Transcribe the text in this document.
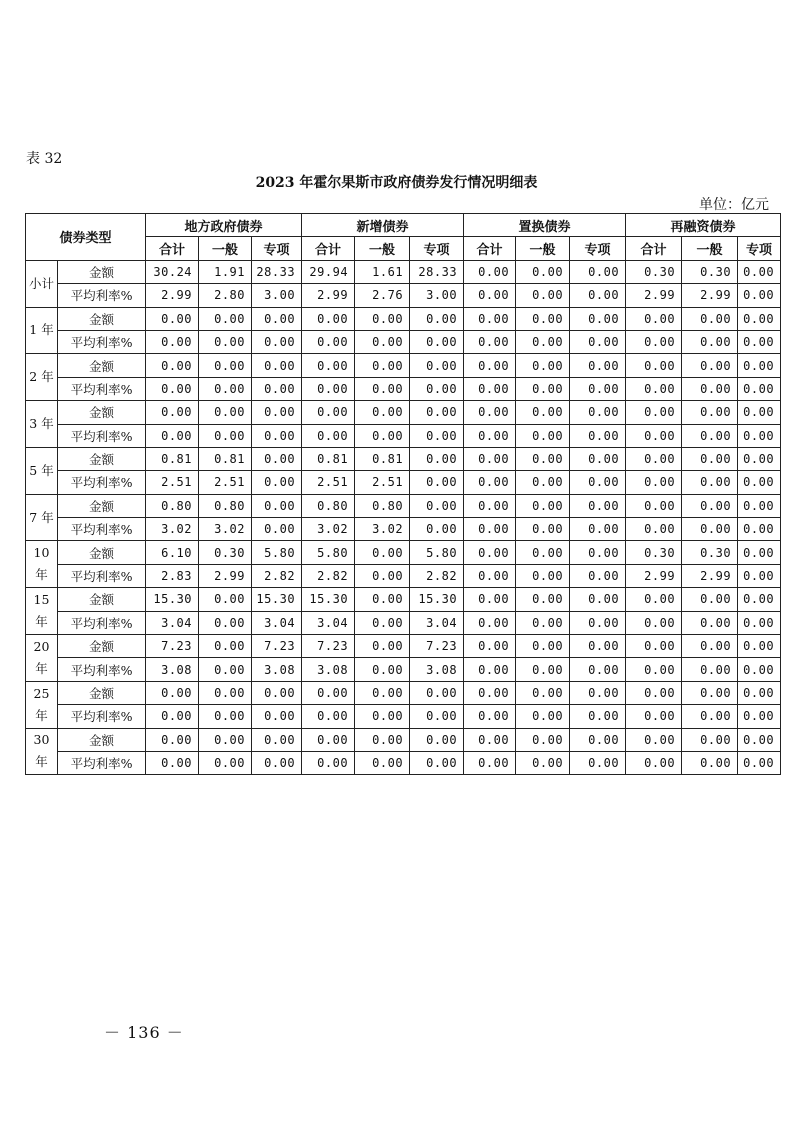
表 32
2023 年霍尔果斯市政府债券发行情况明细表
单位：亿元
债券类型		地方政府债券			新增债券			置换债券			再融资债券		
		合计	一般	专项	合计	一般	专项	合计	一般	专项	合计	一般	专项
小计	金额	30.24	1.91	28.33	29.94	1.61	28.33	0.00	0.00	0.00	0.30	0.30	0.00
	平均利率%	2.99	2.80	3.00	2.99	2.76	3.00	0.00	0.00	0.00	2.99	2.99	0.00
1 年	金额	0.00	0.00	0.00	0.00	0.00	0.00	0.00	0.00	0.00	0.00	0.00	0.00
	平均利率%	0.00	0.00	0.00	0.00	0.00	0.00	0.00	0.00	0.00	0.00	0.00	0.00
2 年	金额	0.00	0.00	0.00	0.00	0.00	0.00	0.00	0.00	0.00	0.00	0.00	0.00
	平均利率%	0.00	0.00	0.00	0.00	0.00	0.00	0.00	0.00	0.00	0.00	0.00	0.00
3 年	金额	0.00	0.00	0.00	0.00	0.00	0.00	0.00	0.00	0.00	0.00	0.00	0.00
	平均利率%	0.00	0.00	0.00	0.00	0.00	0.00	0.00	0.00	0.00	0.00	0.00	0.00
5 年	金额	0.81	0.81	0.00	0.81	0.81	0.00	0.00	0.00	0.00	0.00	0.00	0.00
	平均利率%	2.51	2.51	0.00	2.51	2.51	0.00	0.00	0.00	0.00	0.00	0.00	0.00
7 年	金额	0.80	0.80	0.00	0.80	0.80	0.00	0.00	0.00	0.00	0.00	0.00	0.00
	平均利率%	3.02	3.02	0.00	3.02	3.02	0.00	0.00	0.00	0.00	0.00	0.00	0.00
10 年	金额	6.10	0.30	5.80	5.80	0.00	5.80	0.00	0.00	0.00	0.30	0.30	0.00
	平均利率%	2.83	2.99	2.82	2.82	0.00	2.82	0.00	0.00	0.00	2.99	2.99	0.00
15 年	金额	15.30	0.00	15.30	15.30	0.00	15.30	0.00	0.00	0.00	0.00	0.00	0.00
	平均利率%	3.04	0.00	3.04	3.04	0.00	3.04	0.00	0.00	0.00	0.00	0.00	0.00
20 年	金额	7.23	0.00	7.23	7.23	0.00	7.23	0.00	0.00	0.00	0.00	0.00	0.00
	平均利率%	3.08	0.00	3.08	3.08	0.00	3.08	0.00	0.00	0.00	0.00	0.00	0.00
25 年	金额	0.00	0.00	0.00	0.00	0.00	0.00	0.00	0.00	0.00	0.00	0.00	0.00
	平均利率%	0.00	0.00	0.00	0.00	0.00	0.00	0.00	0.00	0.00	0.00	0.00	0.00
30 年	金额	0.00	0.00	0.00	0.00	0.00	0.00	0.00	0.00	0.00	0.00	0.00	0.00
	平均利率%	0.00	0.00	0.00	0.00	0.00	0.00	0.00	0.00	0.00	0.00	0.00	0.00
－ 136 －
